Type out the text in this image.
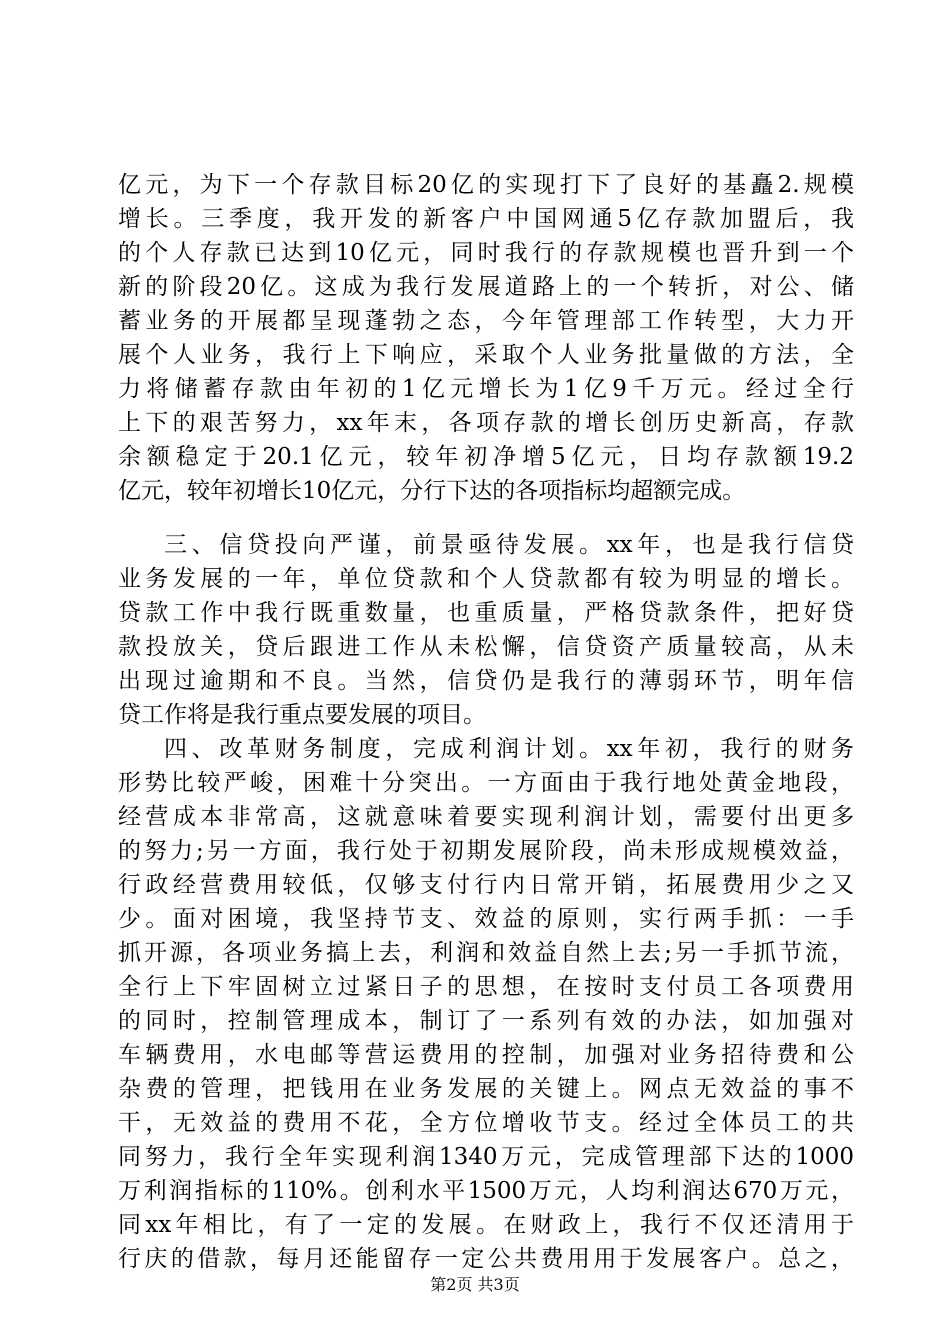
亿元，为下一个存款目标20亿的实现打下了良好的基矗2.规模
增长。三季度，我开发的新客户中国网通5亿存款加盟后，我
的个人存款已达到10亿元，同时我行的存款规模也晋升到一个
新的阶段20亿。这成为我行发展道路上的一个转折，对公、储
蓄业务的开展都呈现蓬勃之态，今年管理部工作转型，大力开
展个人业务，我行上下响应，采取个人业务批量做的方法，全
力将储蓄存款由年初的1亿元增长为1亿9千万元。经过全行
上下的艰苦努力，xx年末，各项存款的增长创历史新高，存款
余额稳定于20.1亿元，较年初净增5亿元，日均存款额19.2
亿元，较年初增长10亿元，分行下达的各项指标均超额完成。
三、信贷投向严谨，前景亟待发展。xx年，也是我行信贷
业务发展的一年，单位贷款和个人贷款都有较为明显的增长。
贷款工作中我行既重数量，也重质量，严格贷款条件，把好贷
款投放关，贷后跟进工作从未松懈，信贷资产质量较高，从未
出现过逾期和不良。当然，信贷仍是我行的薄弱环节，明年信
贷工作将是我行重点要发展的项目。
四、改革财务制度，完成利润计划。xx年初，我行的财务
形势比较严峻，困难十分突出。一方面由于我行地处黄金地段，
经营成本非常高，这就意味着要实现利润计划，需要付出更多
的努力;另一方面，我行处于初期发展阶段，尚未形成规模效益，
行政经营费用较低，仅够支付行内日常开销，拓展费用少之又
少。面对困境，我坚持节支、效益的原则，实行两手抓：一手
抓开源，各项业务搞上去，利润和效益自然上去;另一手抓节流，
全行上下牢固树立过紧日子的思想，在按时支付员工各项费用
的同时，控制管理成本，制订了一系列有效的办法，如加强对
车辆费用，水电邮等营运费用的控制，加强对业务招待费和公
杂费的管理，把钱用在业务发展的关键上。网点无效益的事不
干，无效益的费用不花，全方位增收节支。经过全体员工的共
同努力，我行全年实现利润1340万元，完成管理部下达的1000
万利润指标的110%。创利水平1500万元，人均利润达670万元，
同xx年相比，有了一定的发展。在财政上，我行不仅还清用于
行庆的借款，每月还能留存一定公共费用用于发展客户。总之，
第2页 共3页
